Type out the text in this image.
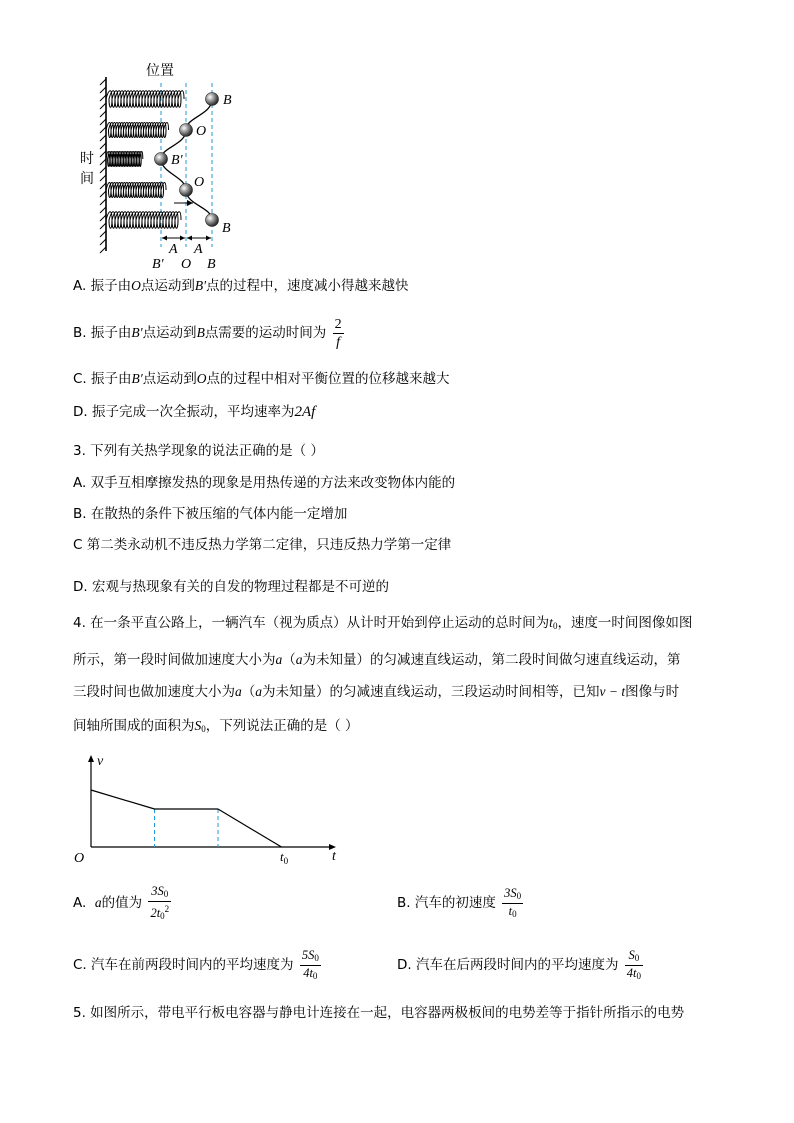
位置
时
间
B
O
B′
O
B
A A
B′ O B
A. 振子由O点运动到B′点的过程中，速度减小得越来越快
B. 振子由B′点运动到B点需要的运动时间为 $\frac{2}{f}$
C. 振子由B′点运动到O点的过程中相对平衡位置的位移越来越大
D. 振子完成一次全振动，平均速率为2Af
3. 下列有关热学现象的说法正确的是（ ）
A. 双手互相摩擦发热的现象是用热传递的方法来改变物体内能的
B. 在散热的条件下被压缩的气体内能一定增加
C 第二类永动机不违反热力学第二定律，只违反热力学第一定律
D. 宏观与热现象有关的自发的物理过程都是不可逆的
4. 在一条平直公路上，一辆汽车（视为质点）从计时开始到停止运动的总时间为$t_0$，速度一时间图像如图
所示，第一段时间做加速度大小为a（a为未知量）的匀减速直线运动，第二段时间做匀速直线运动，第
三段时间也做加速度大小为a（a为未知量）的匀减速直线运动，三段运动时间相等，已知v − t图像与时
间轴所围成的面积为$S_0$，下列说法正确的是（ ）
v
t
O	$t_0$
A. a的值为 $\frac{3S_0}{2t_0^2}$	B. 汽车的初速度 $\frac{3S_0}{t_0}$
C. 汽车在前两段时间内的平均速度为 $\frac{5S_0}{4t_0}$	D. 汽车在后两段时间内的平均速度为 $\frac{S_0}{4t_0}$
5. 如图所示，带电平行板电容器与静电计连接在一起，电容器两极板间的电势差等于指针所指示的电势
